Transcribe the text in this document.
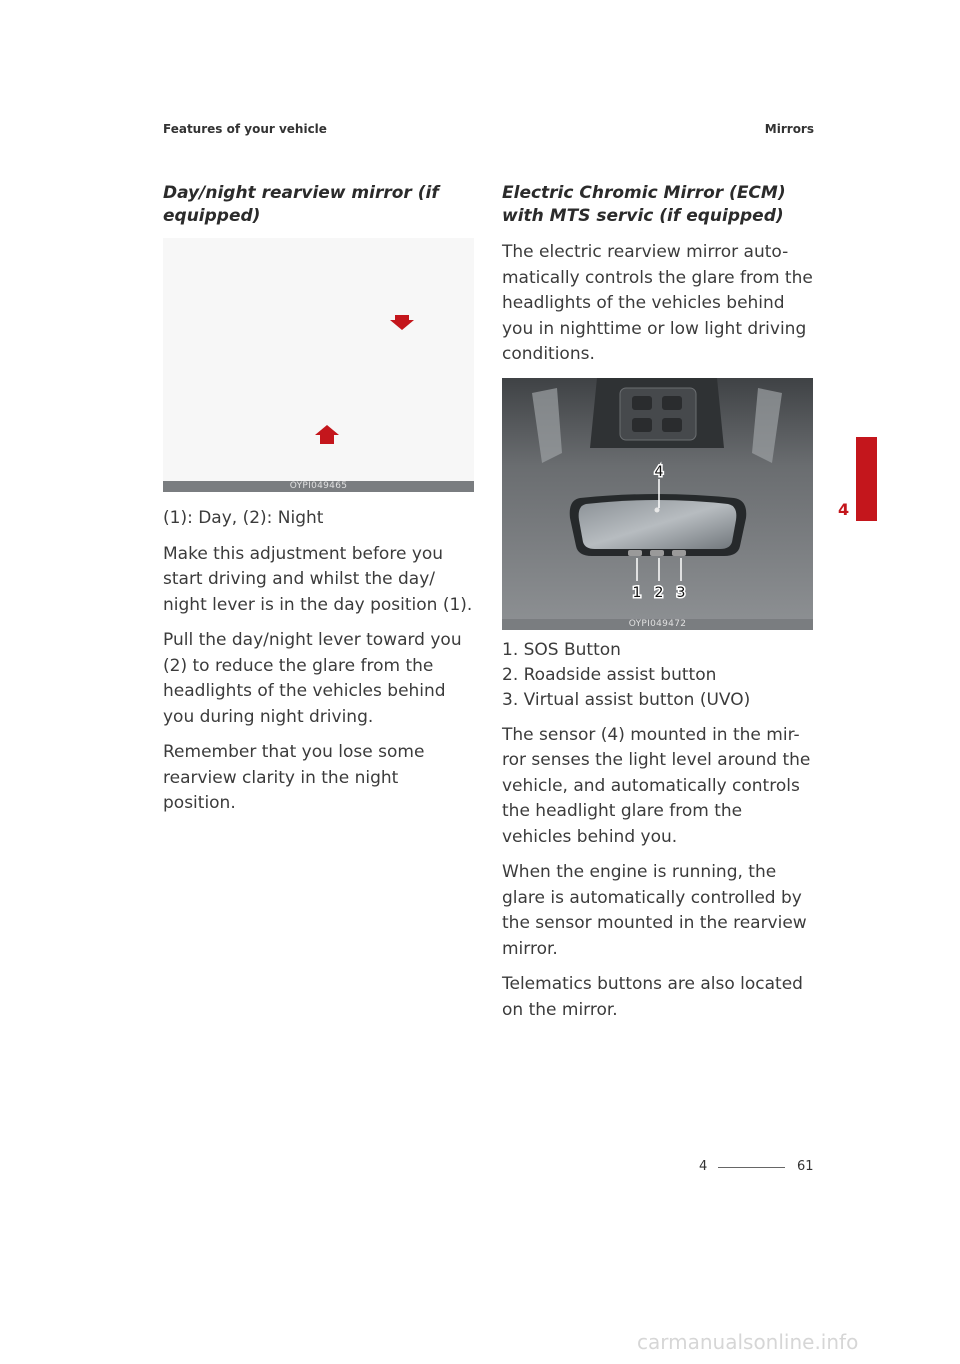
Features of your vehicle	Mirrors
Day/night rearview mirror (if equipped)
OYPI049465

(1): Day, (2): Night

Make this adjustment before you start driving and whilst the day/ night lever is in the day position (1).

Pull the day/night lever toward you (2) to reduce the glare from the headlights of the vehicles behind you during night driving.

Remember that you lose some rearview clarity in the night position.

Electric Chromic Mirror (ECM) with MTS servic (if equipped)

The electric rearview mirror auto-matically controls the glare from the headlights of the vehicles behind you in nighttime or low light driving conditions.

4
1 2 3
OYPI049472
1. SOS Button
2. Roadside assist button
3. Virtual assist button (UVO)

The sensor (4) mounted in the mir-ror senses the light level around the vehicle, and automatically controls the headlight glare from the vehicles behind you.

When the engine is running, the glare is automatically controlled by the sensor mounted in the rearview mirror.

Telematics buttons are also located on the mirror.

4
4	61
carmanualsonline.info
